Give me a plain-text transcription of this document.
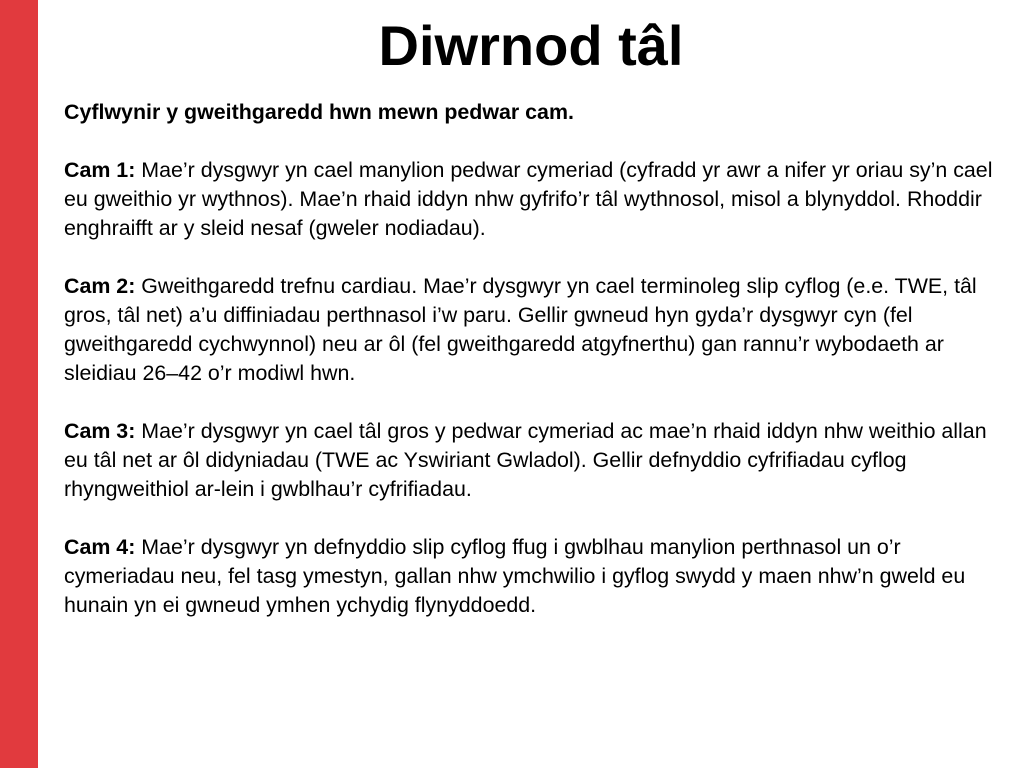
Diwrnod tâl

Cyflwynir y gweithgaredd hwn mewn pedwar cam.

Cam 1: Mae’r dysgwyr yn cael manylion pedwar cymeriad (cyfradd yr awr a nifer yr oriau sy’n cael eu gweithio yr wythnos). Mae’n rhaid iddyn nhw gyfrifo’r tâl wythnosol, misol a blynyddol. Rhoddir enghraifft ar y sleid nesaf (gweler nodiadau).

Cam 2: Gweithgaredd trefnu cardiau. Mae’r dysgwyr yn cael terminoleg slip cyflog (e.e. TWE, tâl gros, tâl net) a’u diffiniadau perthnasol i’w paru. Gellir gwneud hyn gyda’r dysgwyr cyn (fel gweithgaredd cychwynnol) neu ar ôl (fel gweithgaredd atgyfnerthu) gan rannu’r wybodaeth ar sleidiau 26–42 o’r modiwl hwn.

Cam 3: Mae’r dysgwyr yn cael tâl gros y pedwar cymeriad ac mae’n rhaid iddyn nhw weithio allan eu tâl net ar ôl didyniadau (TWE ac Yswiriant Gwladol). Gellir defnyddio cyfrifiadau cyflog rhyngweithiol ar-lein i gwblhau’r cyfrifiadau.

Cam 4: Mae’r dysgwyr yn defnyddio slip cyflog ffug i gwblhau manylion perthnasol un o’r cymeriadau neu, fel tasg ymestyn, gallan nhw ymchwilio i gyflog swydd y maen nhw’n gweld eu hunain yn ei gwneud ymhen ychydig flynyddoedd.
